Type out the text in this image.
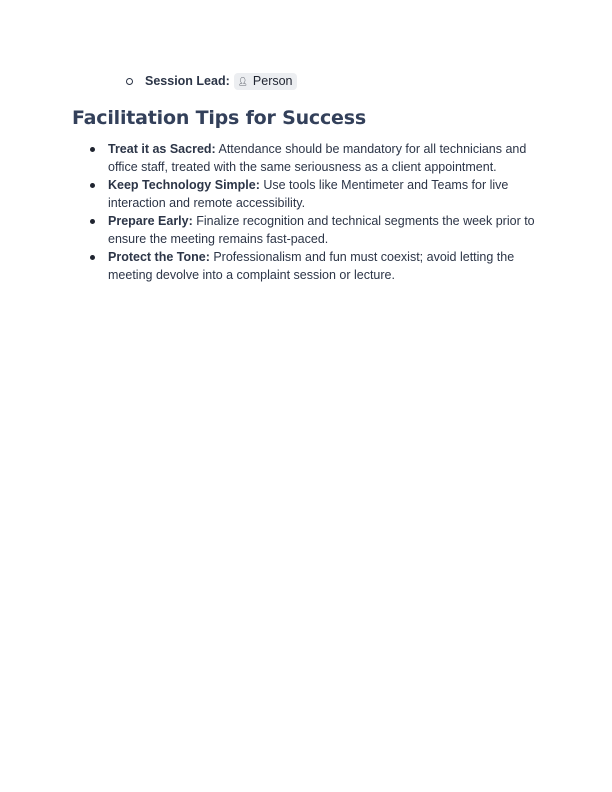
Session Lead: 👤︎ Person
Facilitation Tips for Success
Treat it as Sacred: Attendance should be mandatory for all technicians and office staff, treated with the same seriousness as a client appointment.
Keep Technology Simple: Use tools like Mentimeter and Teams for live interaction and remote accessibility.
Prepare Early: Finalize recognition and technical segments the week prior to ensure the meeting remains fast-paced.
Protect the Tone: Professionalism and fun must coexist; avoid letting the meeting devolve into a complaint session or lecture.
